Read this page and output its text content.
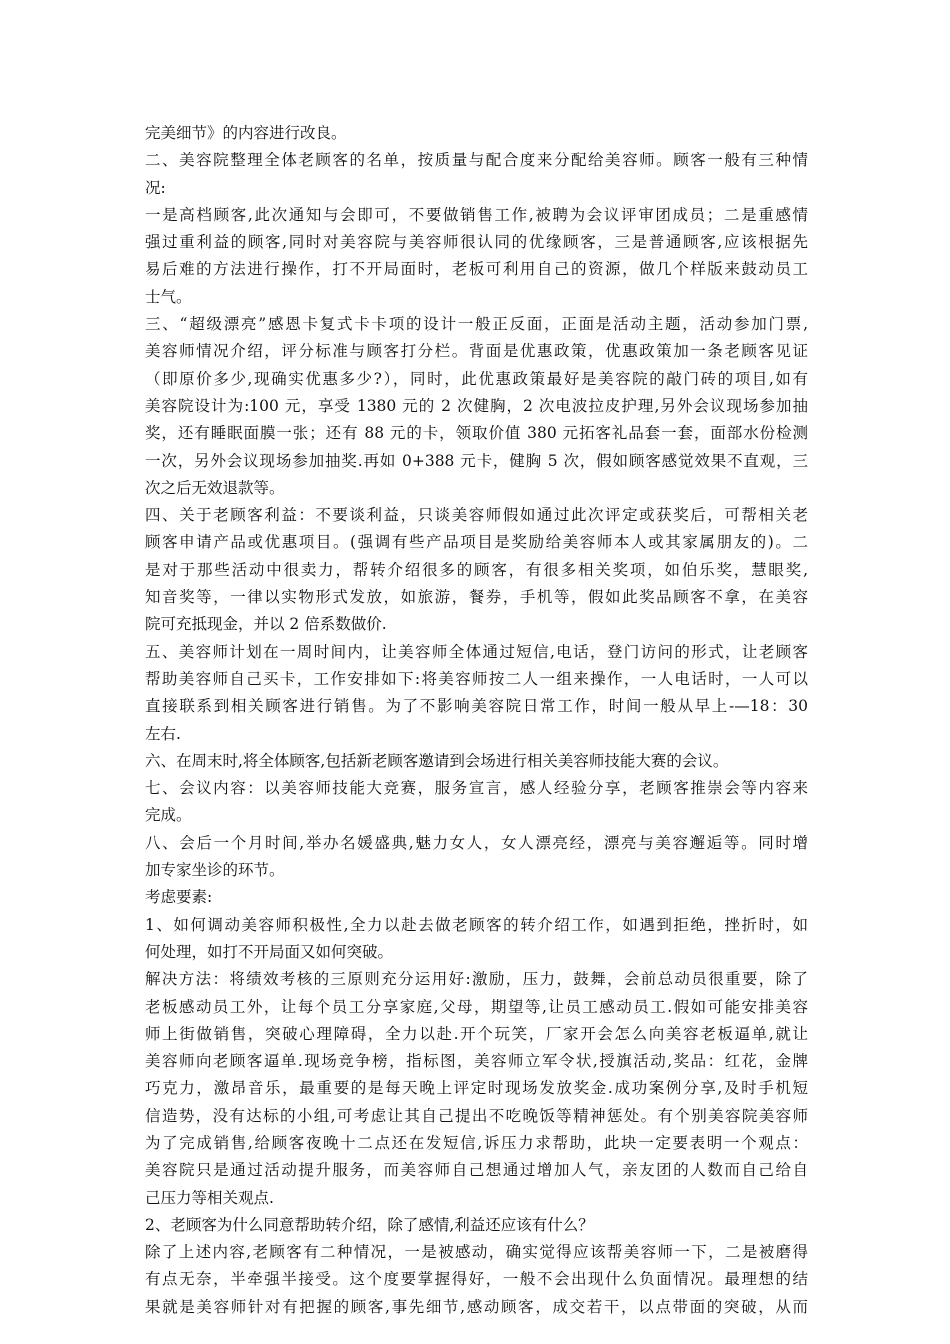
完美细节》的内容进行改良。
二、美容院整理全体老顾客的名单，按质量与配合度来分配给美容师。顾客一般有三种情
况:
一是高档顾客,此次通知与会即可，不要做销售工作,被聘为会议评审团成员；二是重感情
强过重利益的顾客,同时对美容院与美容师很认同的优缘顾客，三是普通顾客,应该根据先
易后难的方法进行操作，打不开局面时，老板可利用自己的资源，做几个样版来鼓动员工
士气。
三、“超级漂亮”感恩卡复式卡卡项的设计一般正反面，正面是活动主题，活动参加门票,
美容师情况介绍，评分标准与顾客打分栏。背面是优惠政策，优惠政策加一条老顾客见证
（即原价多少,现确实优惠多少?），同时，此优惠政策最好是美容院的敲门砖的项目,如有
美容院设计为:100 元，享受 1380 元的 2 次健胸，2 次电波拉皮护理,另外会议现场参加抽
奖，还有睡眠面膜一张；还有 88 元的卡，领取价值 380 元拓客礼品套一套，面部水份检测
一次，另外会议现场参加抽奖.再如 0+388 元卡，健胸 5 次，假如顾客感觉效果不直观，三
次之后无效退款等。
四、关于老顾客利益：不要谈利益，只谈美容师假如通过此次评定或获奖后，可帮相关老
顾客申请产品或优惠项目。(强调有些产品项目是奖励给美容师本人或其家属朋友的)。二
是对于那些活动中很卖力，帮转介绍很多的顾客，有很多相关奖项，如伯乐奖，慧眼奖,
知音奖等，一律以实物形式发放，如旅游，餐券，手机等，假如此奖品顾客不拿，在美容
院可充抵现金，并以 2 倍系数做价.
五、美容师计划在一周时间内，让美容师全体通过短信,电话，登门访问的形式，让老顾客
帮助美容师自己买卡，工作安排如下:将美容师按二人一组来操作，一人电话时，一人可以
直接联系到相关顾客进行销售。为了不影响美容院日常工作，时间一般从早上-—18：30
左右.
六、在周末时,将全体顾客,包括新老顾客邀请到会场进行相关美容师技能大赛的会议。
七、会议内容：以美容师技能大竞赛，服务宣言，感人经验分享，老顾客推崇会等内容来
完成。
八、会后一个月时间,举办名媛盛典,魅力女人，女人漂亮经，漂亮与美容邂逅等。同时增
加专家坐诊的环节。
考虑要素:
1、如何调动美容师积极性,全力以赴去做老顾客的转介绍工作，如遇到拒绝，挫折时，如
何处理，如打不开局面又如何突破。
解决方法：将绩效考核的三原则充分运用好:激励，压力，鼓舞，会前总动员很重要，除了
老板感动员工外，让每个员工分享家庭,父母，期望等,让员工感动员工.假如可能安排美容
师上街做销售，突破心理障碍，全力以赴.开个玩笑，厂家开会怎么向美容老板逼单,就让
美容师向老顾客逼单.现场竞争榜，指标图，美容师立军令状,授旗活动,奖品：红花，金牌
巧克力，激昂音乐，最重要的是每天晚上评定时现场发放奖金.成功案例分享,及时手机短
信造势，没有达标的小组,可考虑让其自己提出不吃晚饭等精神惩处。有个别美容院美容师
为了完成销售,给顾客夜晚十二点还在发短信,诉压力求帮助，此块一定要表明一个观点：
美容院只是通过活动提升服务，而美容师自己想通过增加人气，亲友团的人数而自己给自
己压力等相关观点.
2、老顾客为什么同意帮助转介绍，除了感情,利益还应该有什么？
除了上述内容,老顾客有二种情况，一是被感动，确实觉得应该帮美容师一下，二是被磨得
有点无奈，半牵强半接受。这个度要掌握得好，一般不会出现什么负面情况。最理想的结
果就是美容师针对有把握的顾客,事先细节,感动顾客，成交若干，以点带面的突破，从而
